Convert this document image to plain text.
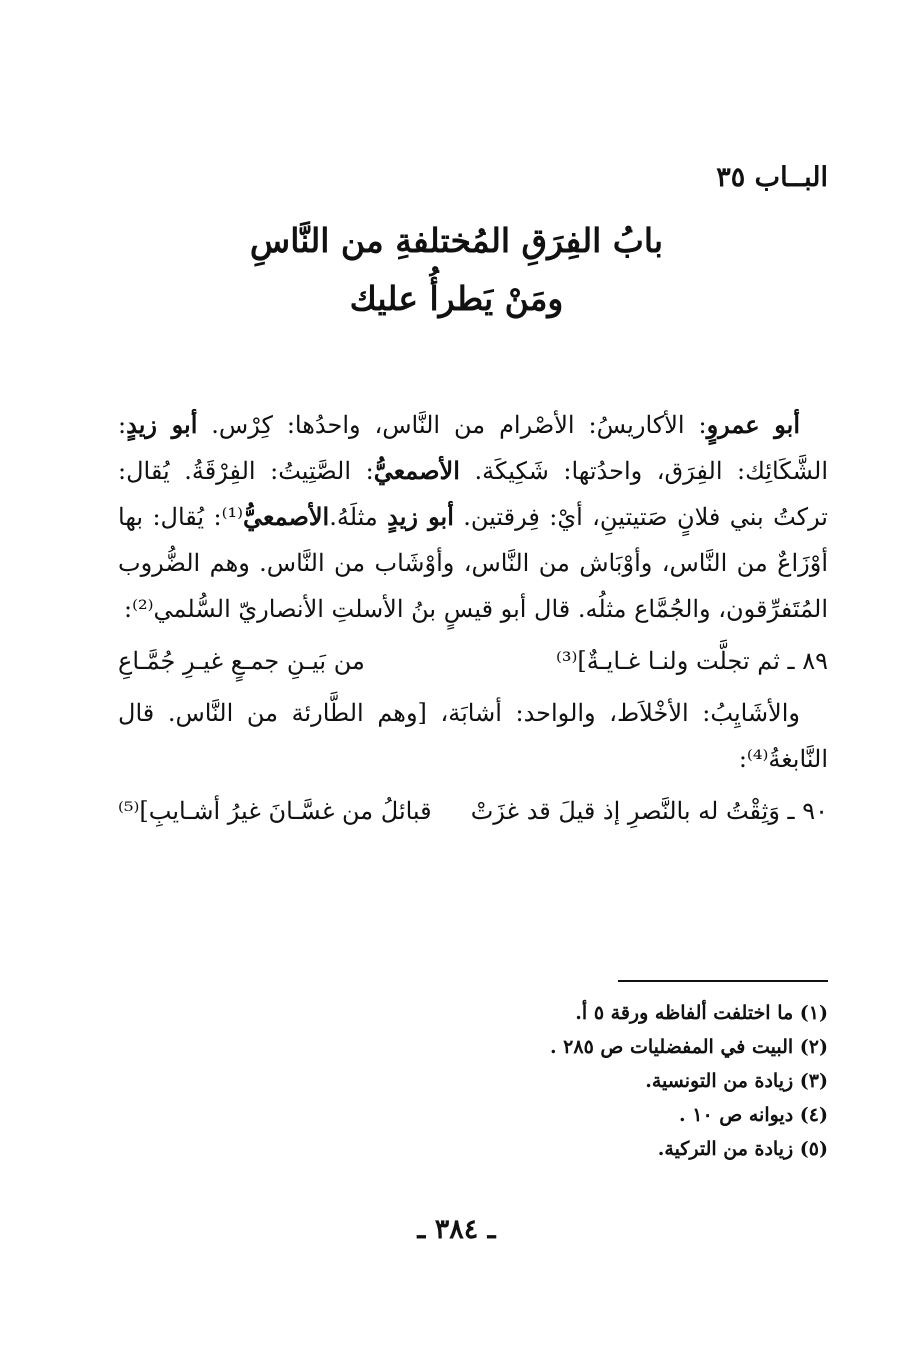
البــاب ٣٥
بابُ الفِرَقِ المُختلفةِ من النَّاسِ
ومَنْ يَطرأُ عليك

أبو عمروٍ: الأكاريسُ: الأصْرام من النَّاس، واحدُها: كِرْس. أبو زيدٍ: الشَّكَائِك: الفِرَق، واحدُتها: شَكِيكَة. الأصمعيُّ: الصَّتِيتُ: الفِرْقَةُ. يُقال: تركتُ بني فلانٍ صَتيتينِ، أيْ: فِرقتين. أبو زيدٍ مثلَهُ.الأصمعيُّ⁽¹⁾: يُقال: بها أوْزَاعٌ من النَّاس، وأوْبَاش من النَّاس، وأوْشَاب من النَّاس. وهم الضُّروب المُتَفرِّقون، والجُمَّاع مثلُه. قال أبو قيسٍ بنُ الأسلتِ الأنصاريّ السُّلمي⁽²⁾:

٨٩ ـ ثم تجلَّت ولنـا غـايـةٌ]⁽³⁾
من بَيـنِ جمـعٍ غيـرِ جُمَّـاعِ

والأشَايِبُ: الأخْلاَط، والواحد: أشابَة، [وهم الطَّارئة من النَّاس. قال النَّابغةُ⁽⁴⁾:

٩٠ ـ وَثِقْتُ له بالنَّصرِ إذ قيلَ قد غزَتْ
قبائلُ من غسَّـانَ غيرُ أشـايبِ]⁽⁵⁾
(١) ما اختلفت ألفاظه ورقة ٥ أ.
(٢) البيت في المفضليات ص ٢٨٥ .
(٣) زيادة من التونسية.
(٤) ديوانه ص ١٠ .
(٥) زيادة من التركية.
ـ ٣٨٤ ـ
